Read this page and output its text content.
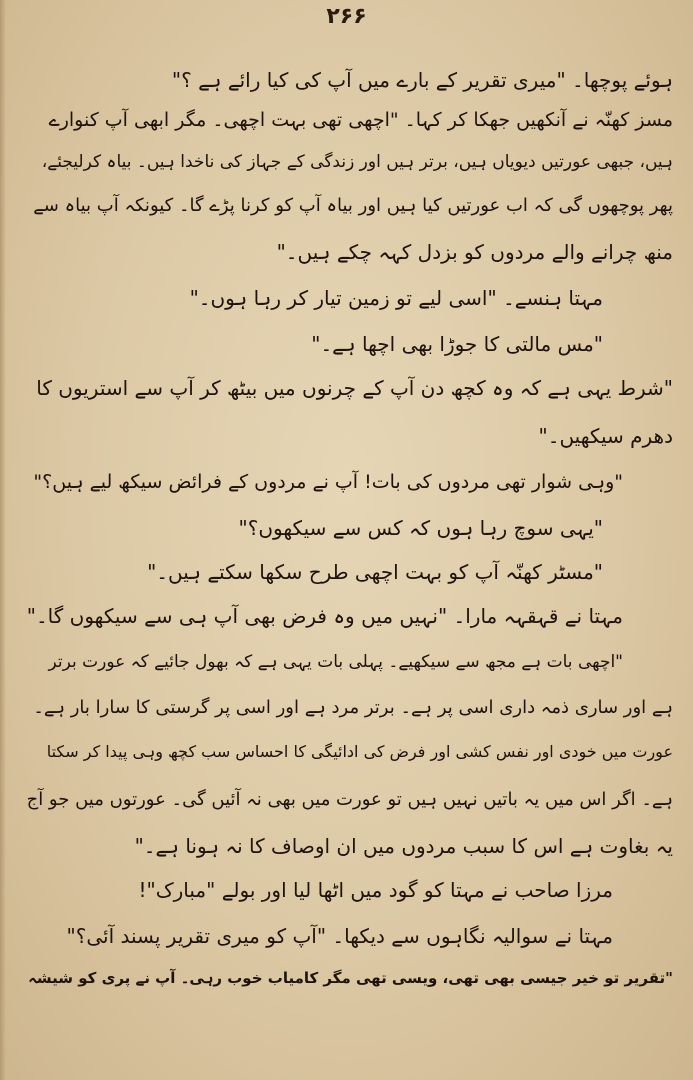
۲۶۶
ہوئے پوچھا۔ "میری تقریر کے بارے میں آپ کی کیا رائے ہے ؟"
مسز کھنّہ نے آنکھیں جھکا کر کہا۔ "اچھی تھی بہت اچھی۔ مگر ابھی آپ کنوارے
ہیں، جبھی عورتیں دیویاں ہیں، برتر ہیں اور زندگی کے جہاز کی ناخدا ہیں۔ بیاہ کرلیجئے،
پھر پوچھوں گی کہ اب عورتیں کیا ہیں اور بیاہ آپ کو کرنا پڑے گا۔ کیونکہ آپ بیاہ سے
منھ چرانے والے مردوں کو بزدل کہہ چکے ہیں۔"
مہتا ہنسے۔ "اسی لیے تو زمین تیار کر رہا ہوں۔"
"مس مالتی کا جوڑا بھی اچھا ہے۔"
"شرط یہی ہے کہ وہ کچھ دن آپ کے چرنوں میں بیٹھ کر آپ سے استریوں کا
دھرم سیکھیں۔"
"وہی شوار تھی مردوں کی بات! آپ نے مردوں کے فرائض سیکھ لیے ہیں؟"
"یہی سوچ رہا ہوں کہ کس سے سیکھوں؟"
"مسٹر کھنّہ آپ کو بہت اچھی طرح سکھا سکتے ہیں۔"
مہتا نے قہقہہ مارا۔ "نہیں میں وہ فرض بھی آپ ہی سے سیکھوں گا۔"
"اچھی بات ہے مجھ سے سیکھیے۔ پہلی بات یہی ہے کہ بھول جائیے کہ عورت برتر
ہے اور ساری ذمہ داری اسی پر ہے۔ برتر مرد ہے اور اسی پر گرستی کا سارا بار ہے۔
عورت میں خودی اور نفس کشی اور فرض کی ادائیگی کا احساس سب کچھ وہی پیدا کر سکتا
ہے۔ اگر اس میں یہ باتیں نہیں ہیں تو عورت میں بھی نہ آئیں گی۔ عورتوں میں جو آج
یہ بغاوت ہے اس کا سبب مردوں میں ان اوصاف کا نہ ہونا ہے۔"
مرزا صاحب نے مہتا کو گود میں اٹھا لیا اور بولے "مبارک"!
مہتا نے سوالیہ نگاہوں سے دیکھا۔ "آپ کو میری تقریر پسند آئی؟"
"تقریر تو خیر جیسی بھی تھی، ویسی تھی مگر کامیاب خوب رہی۔ آپ نے پری کو شیشہ
